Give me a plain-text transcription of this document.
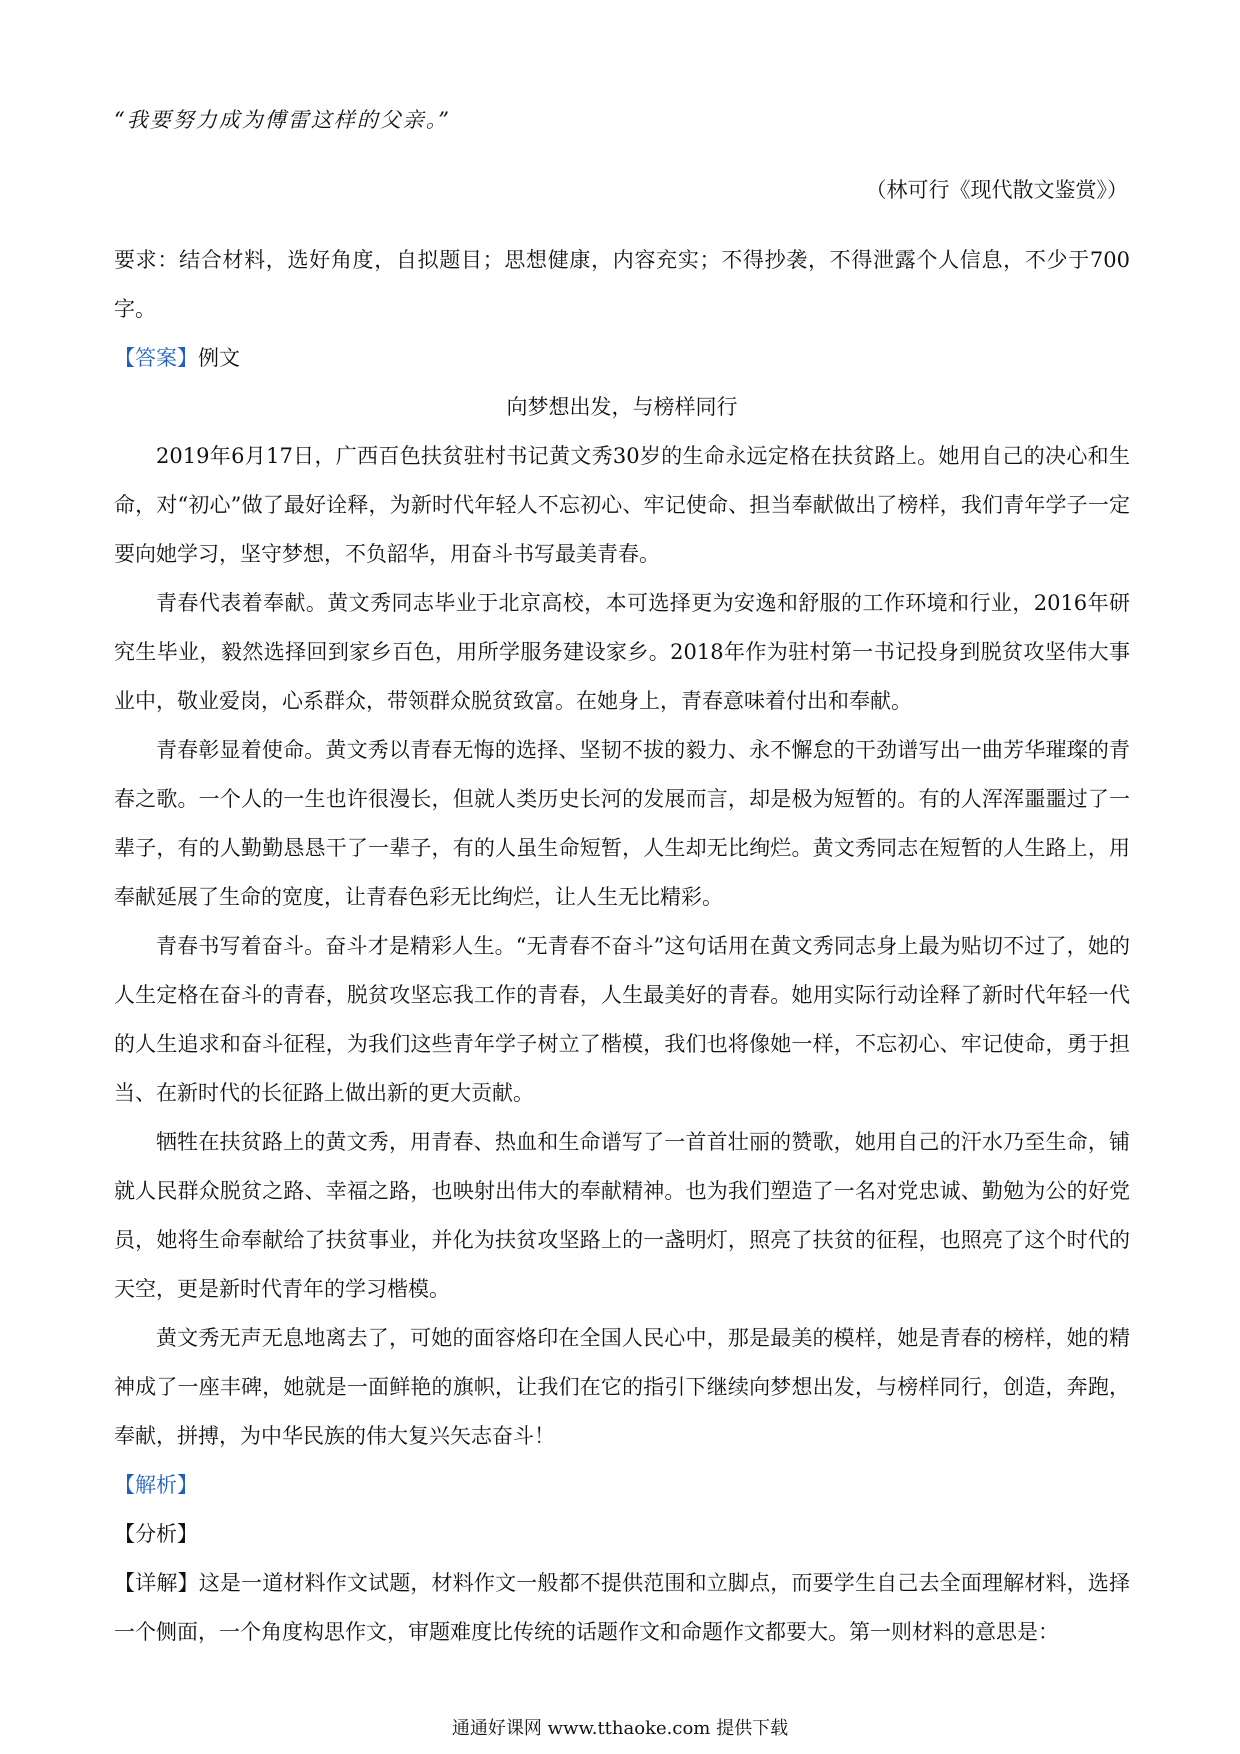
“我要努力成为傅雷这样的父亲。”

（林可行《现代散文鉴赏》）

要求：结合材料，选好角度，自拟题目；思想健康，内容充实；不得抄袭，不得泄露个人信息，不少于700字。

【答案】例文

向梦想出发，与榜样同行

2019年6月17日，广西百色扶贫驻村书记黄文秀30岁的生命永远定格在扶贫路上。她用自己的决心和生命，对“初心”做了最好诠释，为新时代年轻人不忘初心、牢记使命、担当奉献做出了榜样，我们青年学子一定要向她学习，坚守梦想，不负韶华，用奋斗书写最美青春。

青春代表着奉献。黄文秀同志毕业于北京高校，本可选择更为安逸和舒服的工作环境和行业，2016年研究生毕业，毅然选择回到家乡百色，用所学服务建设家乡。2018年作为驻村第一书记投身到脱贫攻坚伟大事业中，敬业爱岗，心系群众，带领群众脱贫致富。在她身上，青春意味着付出和奉献。

青春彰显着使命。黄文秀以青春无悔的选择、坚韧不拔的毅力、永不懈怠的干劲谱写出一曲芳华璀璨的青春之歌。一个人的一生也许很漫长，但就人类历史长河的发展而言，却是极为短暂的。有的人浑浑噩噩过了一辈子，有的人勤勤恳恳干了一辈子，有的人虽生命短暂，人生却无比绚烂。黄文秀同志在短暂的人生路上，用奉献延展了生命的宽度，让青春色彩无比绚烂，让人生无比精彩。

青春书写着奋斗。奋斗才是精彩人生。“无青春不奋斗”这句话用在黄文秀同志身上最为贴切不过了，她的人生定格在奋斗的青春，脱贫攻坚忘我工作的青春，人生最美好的青春。她用实际行动诠释了新时代年轻一代的人生追求和奋斗征程，为我们这些青年学子树立了楷模，我们也将像她一样，不忘初心、牢记使命，勇于担当、在新时代的长征路上做出新的更大贡献。

牺牲在扶贫路上的黄文秀，用青春、热血和生命谱写了一首首壮丽的赞歌，她用自己的汗水乃至生命，铺就人民群众脱贫之路、幸福之路，也映射出伟大的奉献精神。也为我们塑造了一名对党忠诚、勤勉为公的好党员，她将生命奉献给了扶贫事业，并化为扶贫攻坚路上的一盏明灯，照亮了扶贫的征程，也照亮了这个时代的天空，更是新时代青年的学习楷模。

黄文秀无声无息地离去了，可她的面容烙印在全国人民心中，那是最美的模样，她是青春的榜样，她的精神成了一座丰碑，她就是一面鲜艳的旗帜，让我们在它的指引下继续向梦想出发，与榜样同行，创造，奔跑，奉献，拼搏，为中华民族的伟大复兴矢志奋斗！

【解析】

【分析】

【详解】这是一道材料作文试题，材料作文一般都不提供范围和立脚点，而要学生自己去全面理解材料，选择一个侧面，一个角度构思作文，审题难度比传统的话题作文和命题作文都要大。第一则材料的意思是：

通通好课网 www.tthaoke.com 提供下载
